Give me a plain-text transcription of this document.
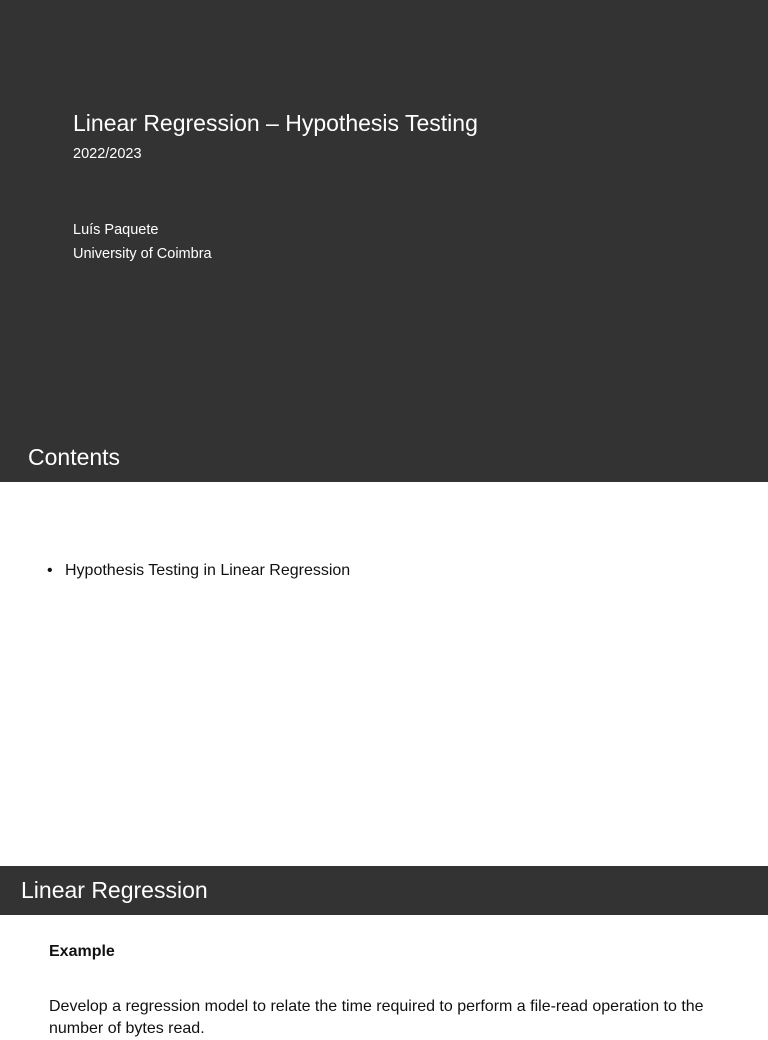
Linear Regression – Hypothesis Testing
2022/2023
Luís Paquete
University of Coimbra
Contents
• Hypothesis Testing in Linear Regression
Linear Regression
Example
Develop a regression model to relate the time required to perform a file-read operation to the number of bytes read.
